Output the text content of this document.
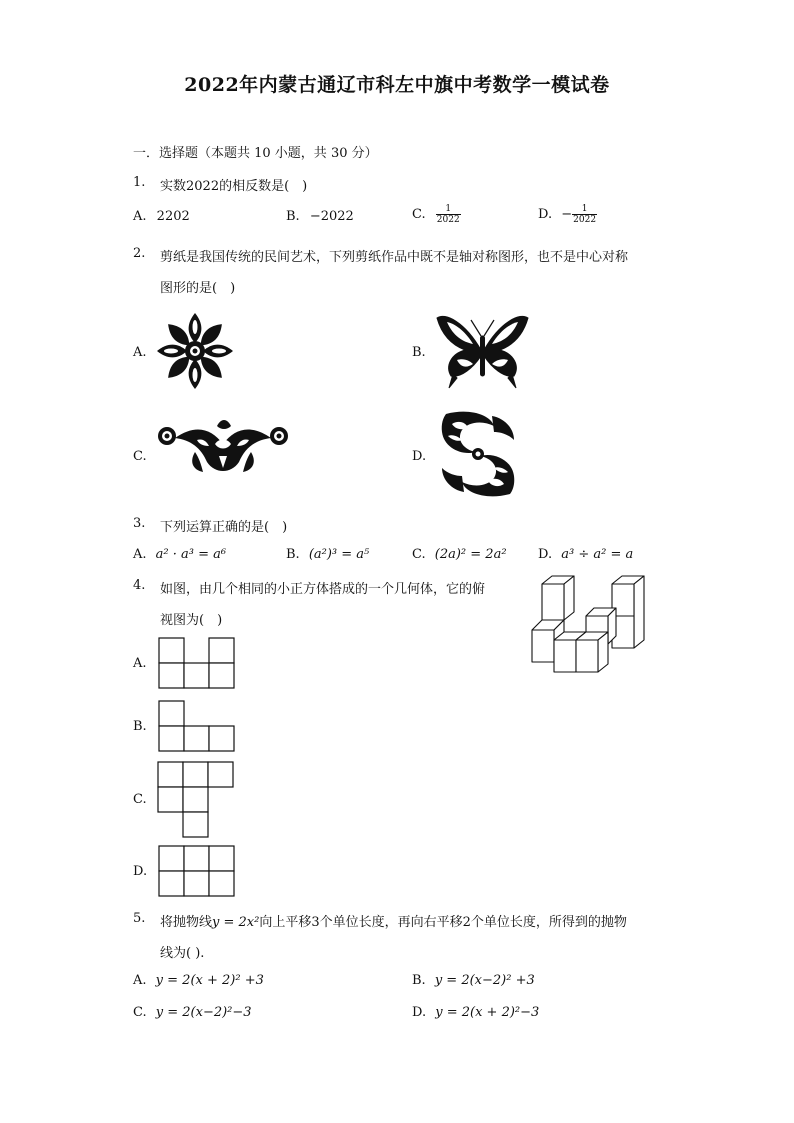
2022年内蒙古通辽市科左中旗中考数学一模试卷
一．选择题（本题共 10 小题，共 30 分）
1. 实数2022的相反数是(　)
A. 2202	B. −2022	C. $\frac{1}{2022}$	D. − $\frac{1}{2022}$
2. 剪纸是我国传统的民间艺术，下列剪纸作品中既不是轴对称图形，也不是中心对称
图形的是(　)
A.	B.
C.	D.
3. 下列运算正确的是(　)
A. a² · a³ = a⁶	B. (a²)³ = a⁵	C. (2a)² = 2a² D. a³ ÷ a² = a
4. 如图，由几个相同的小正方体搭成的一个几何体，它的俯
视图为(　)
A.
B.
C.
D.
5. 将抛物线y = 2x²向上平移3个单位长度，再向右平移2个单位长度，所得到的抛物
线为( ).
A. y = 2(x + 2)² +3	B. y = 2(x−2)² +3
C. y = 2(x−2)²−3	D. y = 2(x + 2)²−3
